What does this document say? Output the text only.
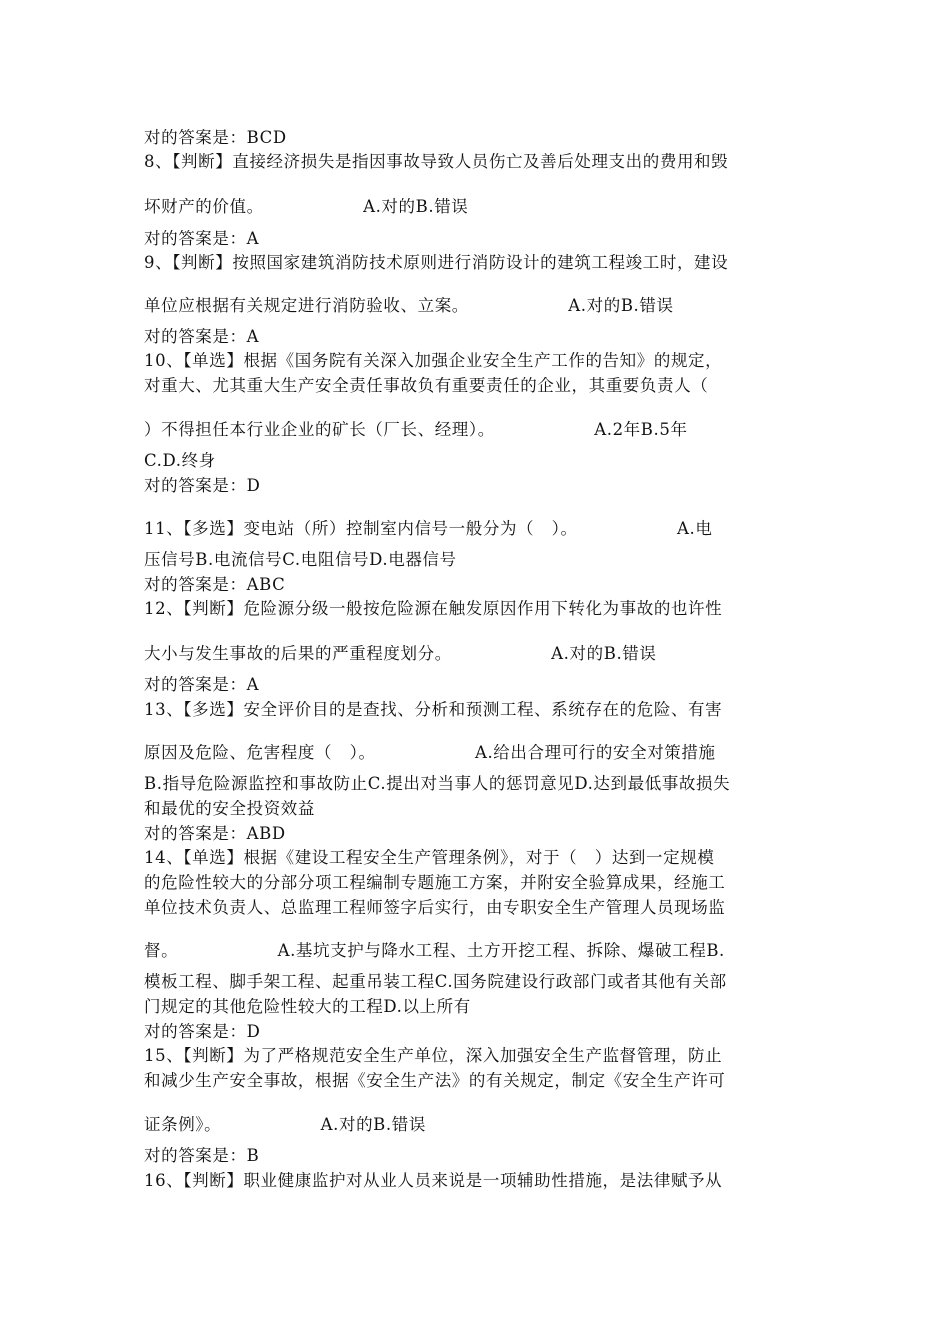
对的答案是：BCD
8、【判断】直接经济损失是指因事故导致人员伤亡及善后处理支出的费用和毁
坏财产的价值。                 A.对的B.错误
对的答案是：A
9、【判断】按照国家建筑消防技术原则进行消防设计的建筑工程竣工时，建设
单位应根据有关规定进行消防验收、立案。                 A.对的B.错误
对的答案是：A
10、【单选】根据《国务院有关深入加强企业安全生产工作的告知》的规定，
对重大、尤其重大生产安全责任事故负有重要责任的企业，其重要负责人（
）不得担任本行业企业的矿长（厂长、经理）。                 A.2年B.5年
C.D.终身
对的答案是：D
11、【多选】变电站（所）控制室内信号一般分为（   ）。                 A.电
压信号B.电流信号C.电阻信号D.电器信号
对的答案是：ABC
12、【判断】危险源分级一般按危险源在触发原因作用下转化为事故的也许性
大小与发生事故的后果的严重程度划分。                 A.对的B.错误
对的答案是：A
13、【多选】安全评价目的是查找、分析和预测工程、系统存在的危险、有害
原因及危险、危害程度（   ）。                 A.给出合理可行的安全对策措施
B.指导危险源监控和事故防止C.提出对当事人的惩罚意见D.达到最低事故损失
和最优的安全投资效益
对的答案是：ABD
14、【单选】根据《建设工程安全生产管理条例》，对于（   ）达到一定规模
的危险性较大的分部分项工程编制专题施工方案，并附安全验算成果，经施工
单位技术负责人、总监理工程师签字后实行，由专职安全生产管理人员现场监
督。                 A.基坑支护与降水工程、土方开挖工程、拆除、爆破工程B.
模板工程、脚手架工程、起重吊装工程C.国务院建设行政部门或者其他有关部
门规定的其他危险性较大的工程D.以上所有
对的答案是：D
15、【判断】为了严格规范安全生产单位，深入加强安全生产监督管理，防止
和减少生产安全事故，根据《安全生产法》的有关规定，制定《安全生产许可
证条例》。                 A.对的B.错误
对的答案是：B
16、【判断】职业健康监护对从业人员来说是一项辅助性措施，是法律赋予从
